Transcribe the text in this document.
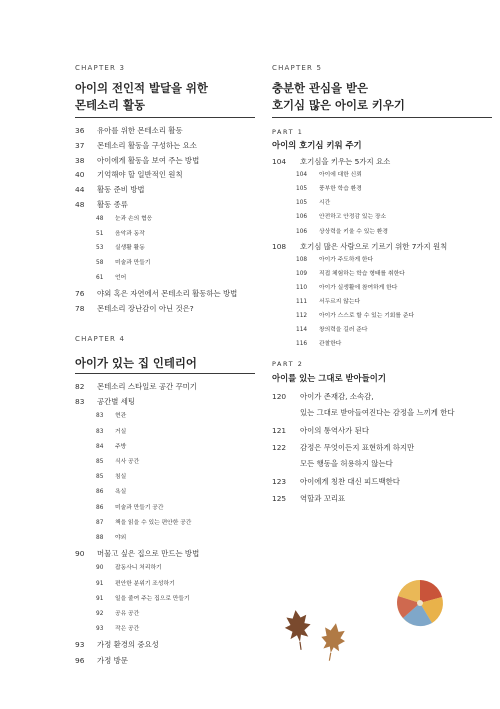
CHAPTER 3
아이의 전인적 발달을 위한
몬테소리 활동
36 유아를 위한 몬테소리 활동
37 몬테소리 활동을 구성하는 요소
38 아이에게 활동을 보여 주는 방법
40 기억해야 할 일반적인 원칙
44 활동 준비 방법
48 활동 종류
48 눈과 손의 협응
51 음악과 동작
53 실생활 활동
58 미술과 만들기
61 언어
76 야외 혹은 자연에서 몬테소리 활동하는 방법
78 몬테소리 장난감이 아닌 것은?
CHAPTER 4
아이가 있는 집 인테리어
82 몬테소리 스타일로 공간 꾸미기
83 공간별 세팅
83 현관
83 거실
84 주방
85 식사 공간
85 침실
86 욕실
86 미술과 만들기 공간
87 책을 읽을 수 있는 편안한 공간
88 야외
90 머물고 싶은 집으로 만드는 방법
90 잡동사니 처리하기
91 편안한 분위기 조성하기
91 일을 줄여 주는 집으로 만들기
92 공유 공간
93 작은 공간
93 가정 환경의 중요성
96 가정 방문
CHAPTER 5
충분한 관심을 받은
호기심 많은 아이로 키우기
PART 1
아이의 호기심 키워 주기
PART 2
아이를 있는 그대로 받아들이기
120 아이가 존재감, 소속감,
있는 그대로 받아들여진다는 감정을 느끼게 한다
121 아이의 통역사가 된다
122 감정은 무엇이든지 표현하게 하지만
모든 행동을 허용하지 않는다
123 아이에게 칭찬 대신 피드백한다
125 역할과 꼬리표
104 호기심을 키우는 5가지 요소
104 아이에 대한 신뢰
105 풍부한 학습 환경
105 시간
106 안전하고 안정감 있는 장소
106 상상력을 키울 수 있는 환경
108 호기심 많은 사람으로 기르기 위한 7가지 원칙
108 아이가 주도하게 한다
109 직접 체험하는 학습 형태를 취한다
110 아이가 실생활에 참여하게 한다
111 서두르지 않는다
112 아이가 스스로 할 수 있는 기회를 준다
114 창의력을 길러 준다
116 관찰한다
